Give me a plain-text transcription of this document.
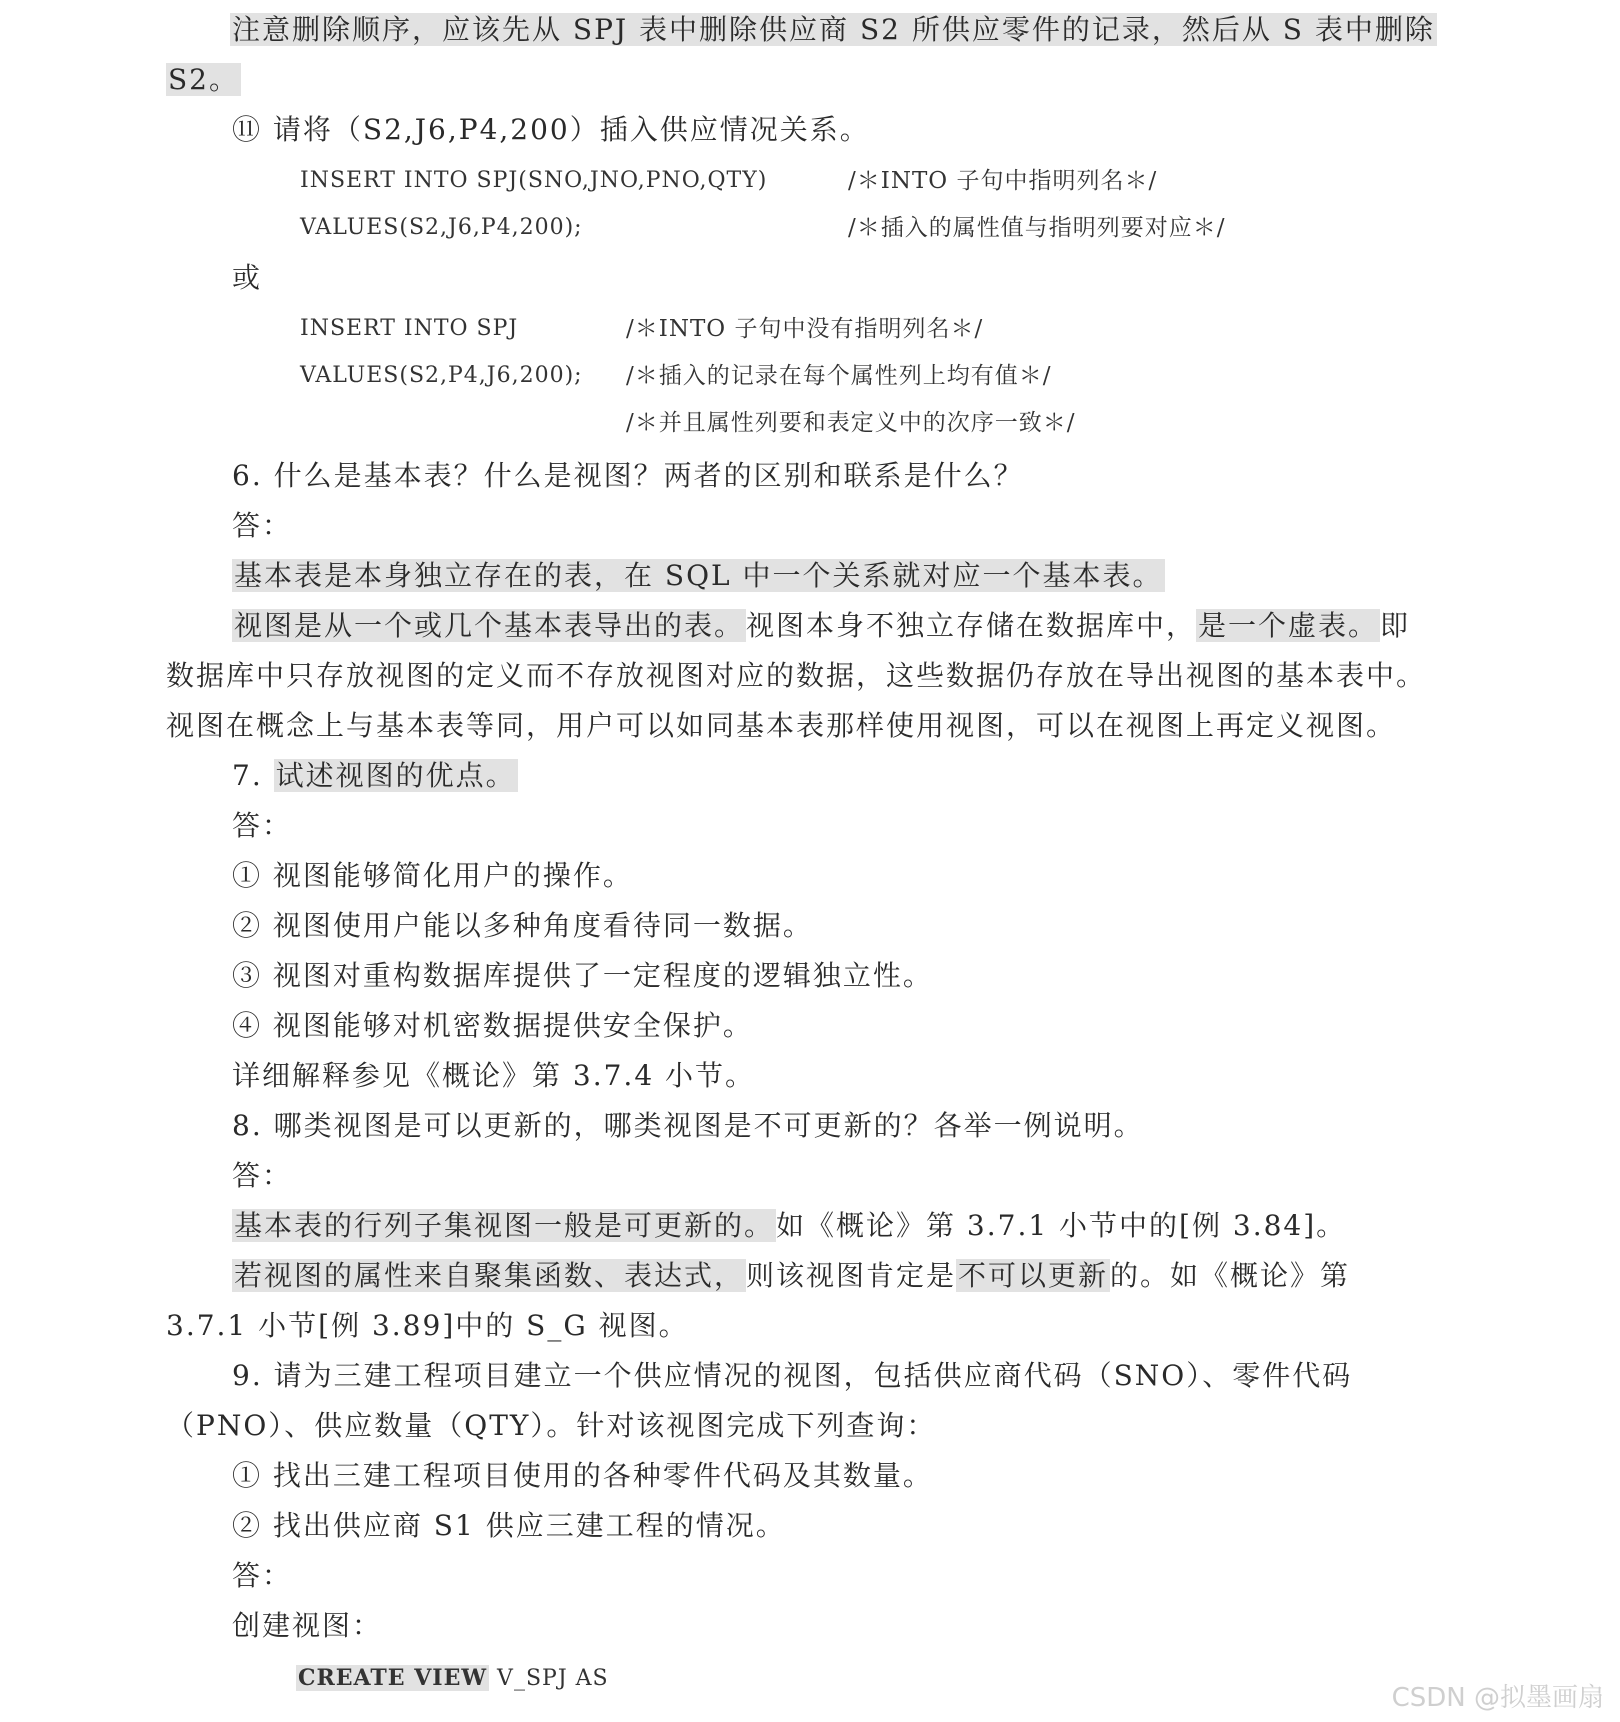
注意删除顺序，应该先从 SPJ 表中删除供应商 S2 所供应零件的记录，然后从 S 表中删除
S2。
⑪ 请将（S2,J6,P4,200）插入供应情况关系。
INSERT INTO SPJ(SNO,JNO,PNO,QTY)	/＊INTO 子句中指明列名＊/
VALUES(S2,J6,P4,200);	/＊插入的属性值与指明列要对应＊/
或
INSERT INTO SPJ	/＊INTO 子句中没有指明列名＊/
VALUES(S2,P4,J6,200); /＊插入的记录在每个属性列上均有值＊/
/＊并且属性列要和表定义中的次序一致＊/
6. 什么是基本表？什么是视图？两者的区别和联系是什么？
答：
基本表是本身独立存在的表，在 SQL 中一个关系就对应一个基本表。
视图是从一个或几个基本表导出的表。视图本身不独立存储在数据库中，是一个虚表。即
数据库中只存放视图的定义而不存放视图对应的数据，这些数据仍存放在导出视图的基本表中。
视图在概念上与基本表等同，用户可以如同基本表那样使用视图，可以在视图上再定义视图。
7. 试述视图的优点。
答：
① 视图能够简化用户的操作。
② 视图使用户能以多种角度看待同一数据。
③ 视图对重构数据库提供了一定程度的逻辑独立性。
④ 视图能够对机密数据提供安全保护。
详细解释参见《概论》第 3.7.4 小节。
8. 哪类视图是可以更新的，哪类视图是不可更新的？各举一例说明。
答：
基本表的行列子集视图一般是可更新的。如《概论》第 3.7.1 小节中的[例 3.84]。
若视图的属性来自聚集函数、表达式，则该视图肯定是不可以更新的。如《概论》第
3.7.1 小节[例 3.89]中的 S_G 视图。
9. 请为三建工程项目建立一个供应情况的视图，包括供应商代码（SNO）、零件代码
（PNO）、供应数量（QTY）。针对该视图完成下列查询：
① 找出三建工程项目使用的各种零件代码及其数量。
② 找出供应商 S1 供应三建工程的情况。
答：
创建视图：
CREATE VIEW V_SPJ AS
CSDN @拟墨画扇
